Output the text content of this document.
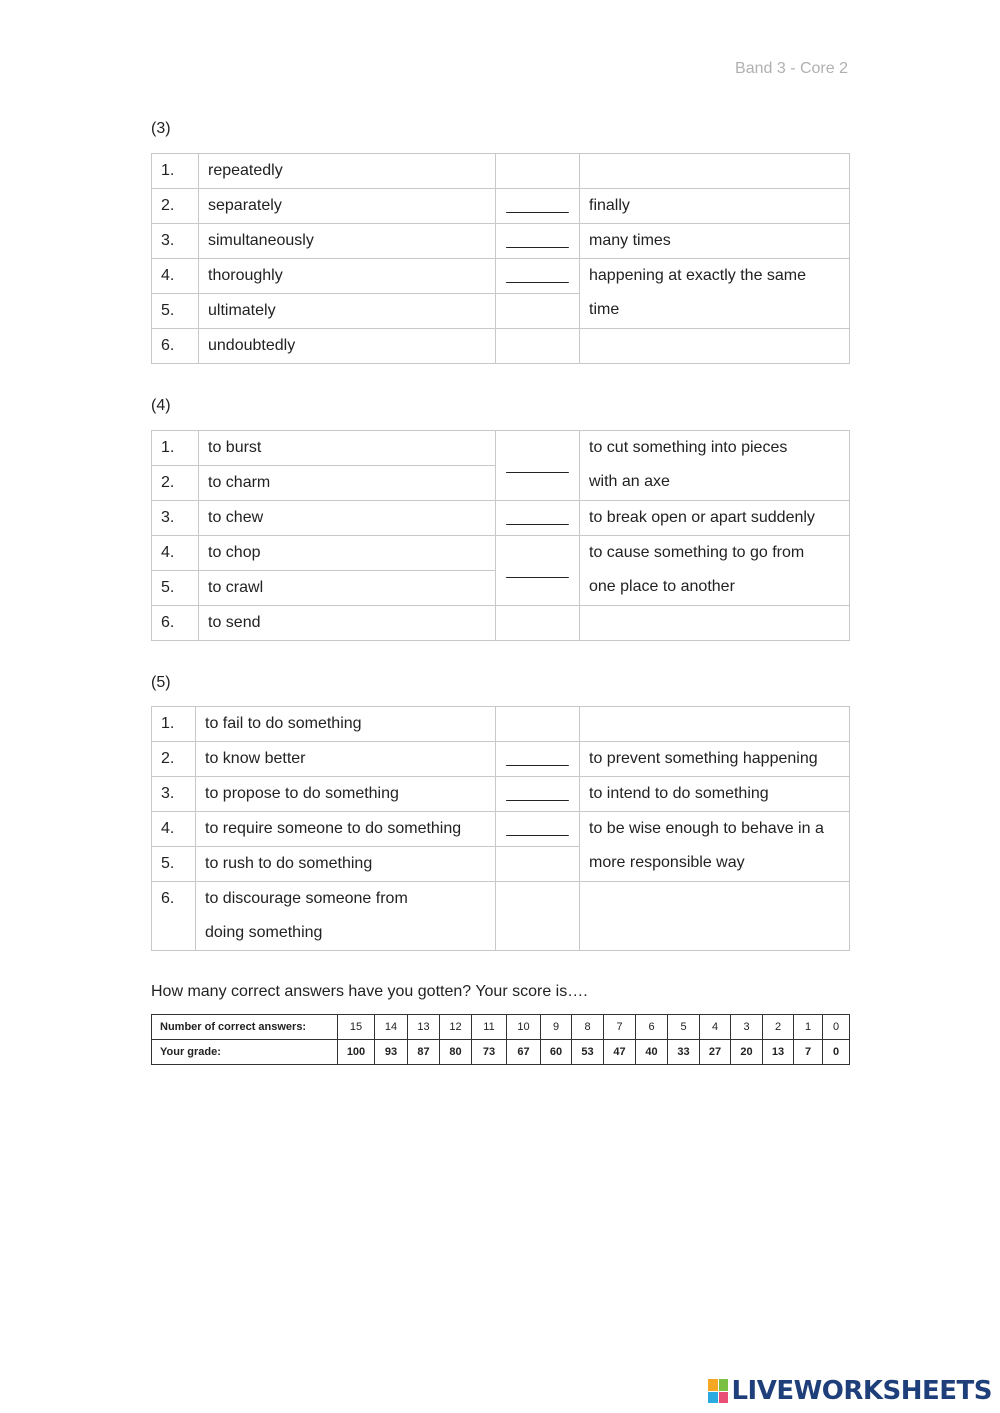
Band 3 - Core 2
(3)
1.	repeatedly		
2.	separately	_______	finally
3.	simultaneously	_______	many times
4.	thoroughly	_______	happening at exactly the same
time

5.	ultimately		
6.	undoubtedly		
(4)
1.	to burst	_______	to cut something into pieces
with an axe

2.	to charm		
3.	to chew	_______	to break open or apart suddenly
4.	to chop	_______	to cause something to go from
one place to another

5.	to crawl		
6.	to send		
(5)
1.	to fail to do something		
2.	to know better	_______	to prevent something happening
3.	to propose to do something	_______	to intend to do something
4.	to require someone to do something	_______	to be wise enough to behave in a
more responsible way

5.	to rush to do something		
6.	to discourage someone from
doing something		

How many correct answers have you gotten? Your score is….
Number of correct answers:	15	14	13	12	11	10	9	8	7	6	5	4	3	2	1	0
Your grade:	100	93	87	80	73	67	60	53	47	40	33	27	20	13	7	0
LIVEWORKSHEETS
